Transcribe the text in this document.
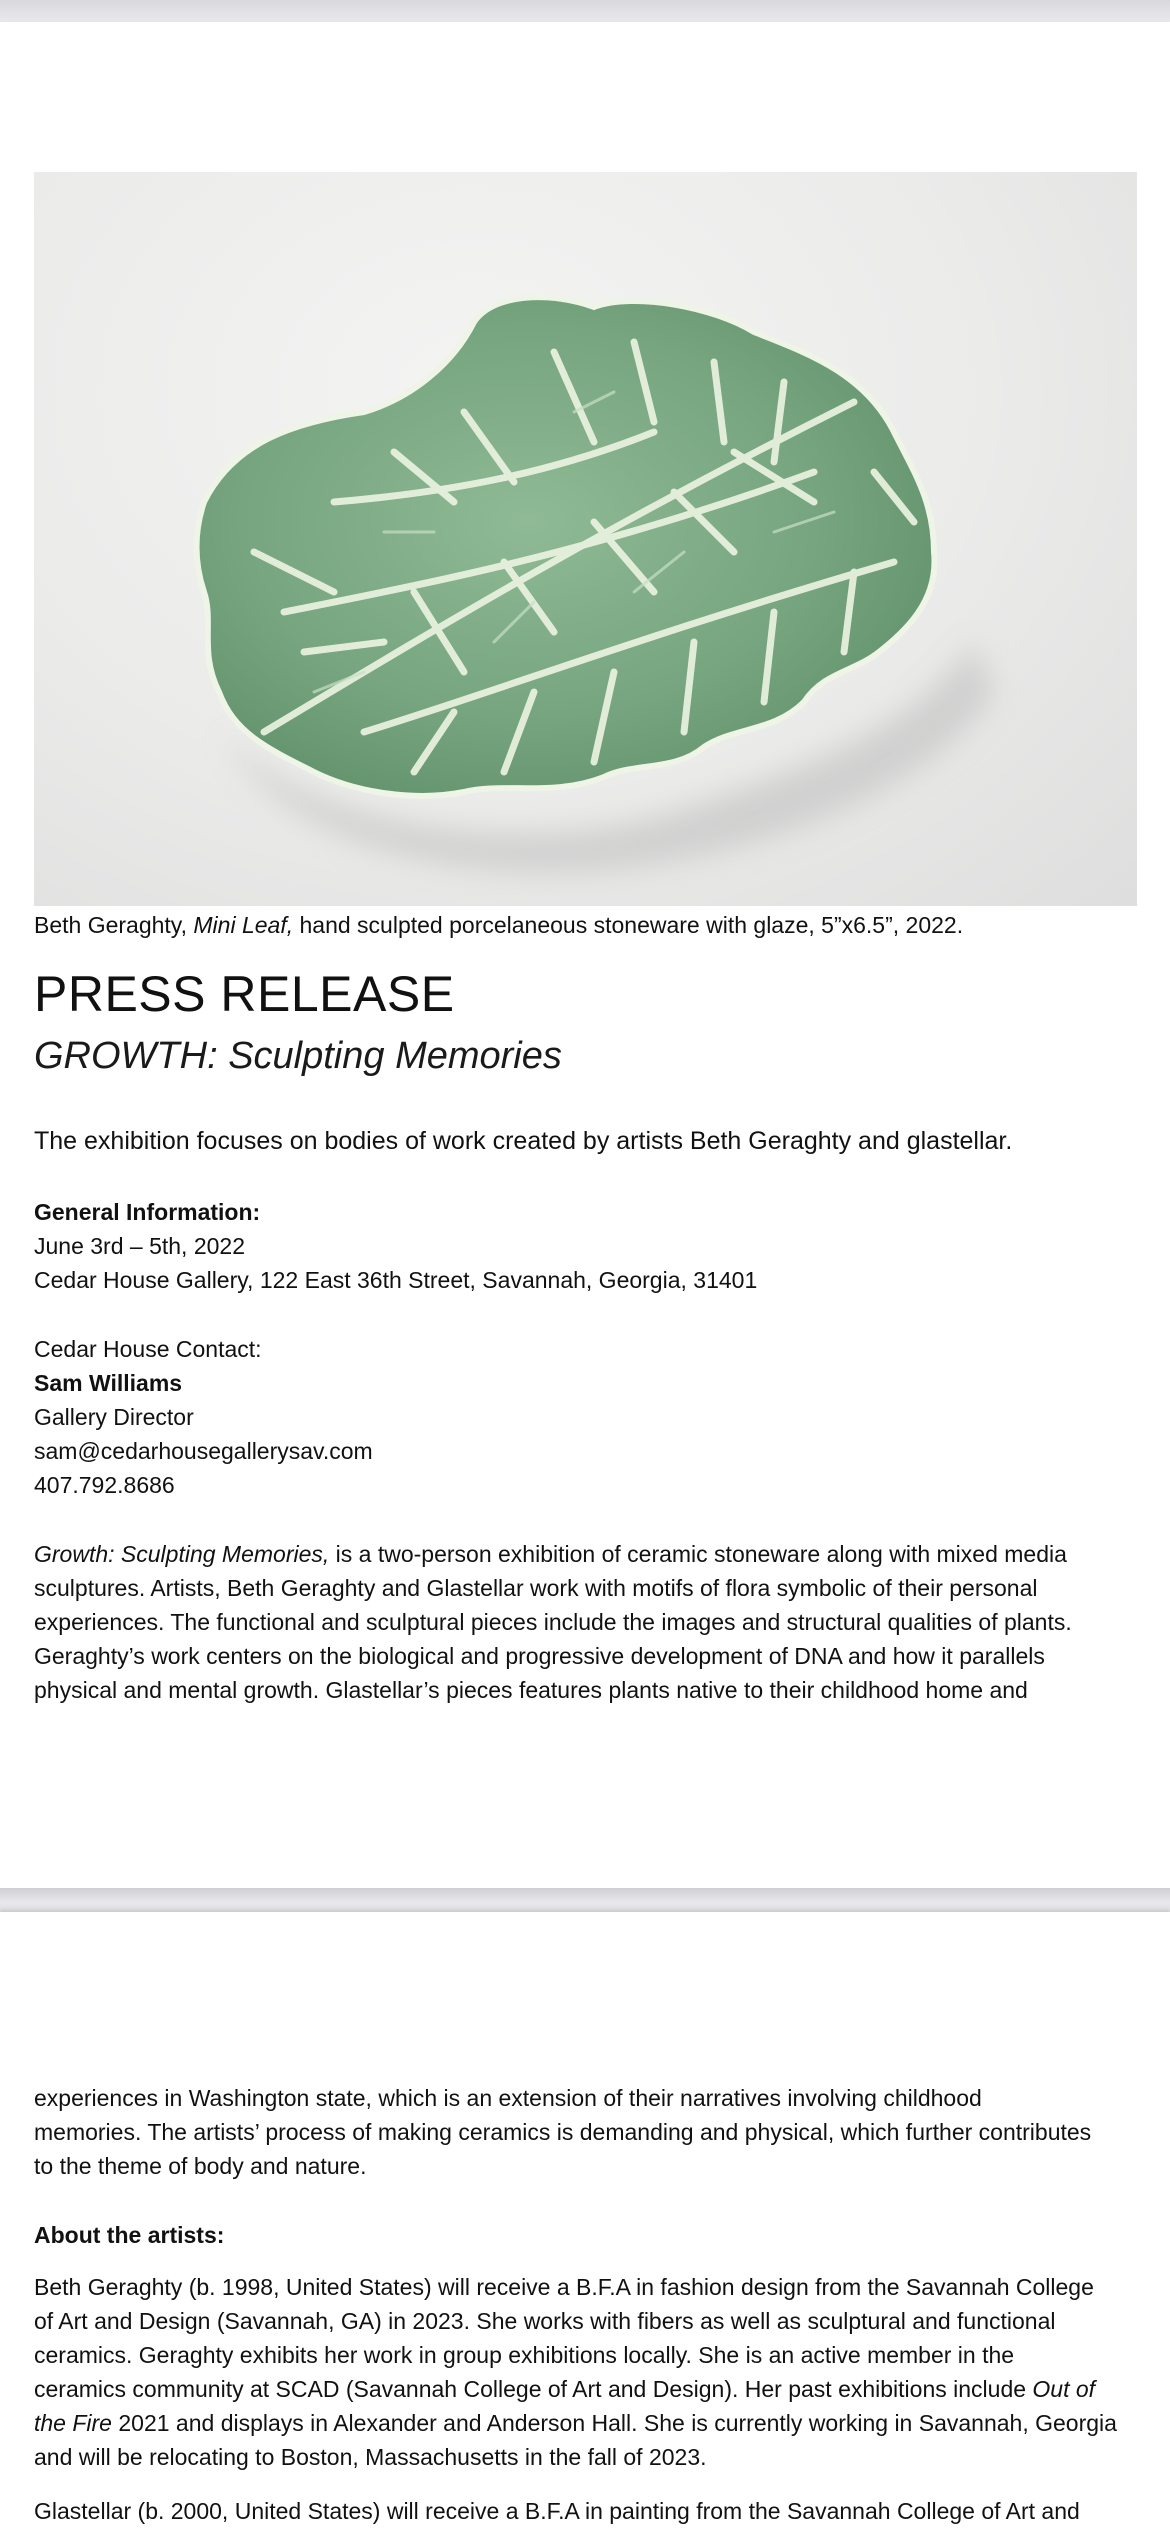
Beth Geraghty, Mini Leaf, hand sculpted porcelaneous stoneware with glaze, 5”x6.5”, 2022.
PRESS RELEASE
GROWTH: Sculpting Memories
The exhibition focuses on bodies of work created by artists Beth Geraghty and glastellar.
General Information:
June 3rd – 5th, 2022
Cedar House Gallery, 122 East 36th Street, Savannah, Georgia, 31401
Cedar House Contact:
Sam Williams
Gallery Director
sam@cedarhousegallerysav.com
407.792.8686
Growth: Sculpting Memories, is a two-person exhibition of ceramic stoneware along with mixed media
sculptures. Artists, Beth Geraghty and Glastellar work with motifs of flora symbolic of their personal
experiences. The functional and sculptural pieces include the images and structural qualities of plants.
Geraghty’s work centers on the biological and progressive development of DNA and how it parallels
physical and mental growth. Glastellar’s pieces features plants native to their childhood home and
experiences in Washington state, which is an extension of their narratives involving childhood
memories. The artists’ process of making ceramics is demanding and physical, which further contributes
to the theme of body and nature.
About the artists:
Beth Geraghty (b. 1998, United States) will receive a B.F.A in fashion design from the Savannah College
of Art and Design (Savannah, GA) in 2023. She works with fibers as well as sculptural and functional
ceramics. Geraghty exhibits her work in group exhibitions locally. She is an active member in the
ceramics community at SCAD (Savannah College of Art and Design). Her past exhibitions include Out of
the Fire 2021 and displays in Alexander and Anderson Hall. She is currently working in Savannah, Georgia
and will be relocating to Boston, Massachusetts in the fall of 2023.
Glastellar (b. 2000, United States) will receive a B.F.A in painting from the Savannah College of Art and
